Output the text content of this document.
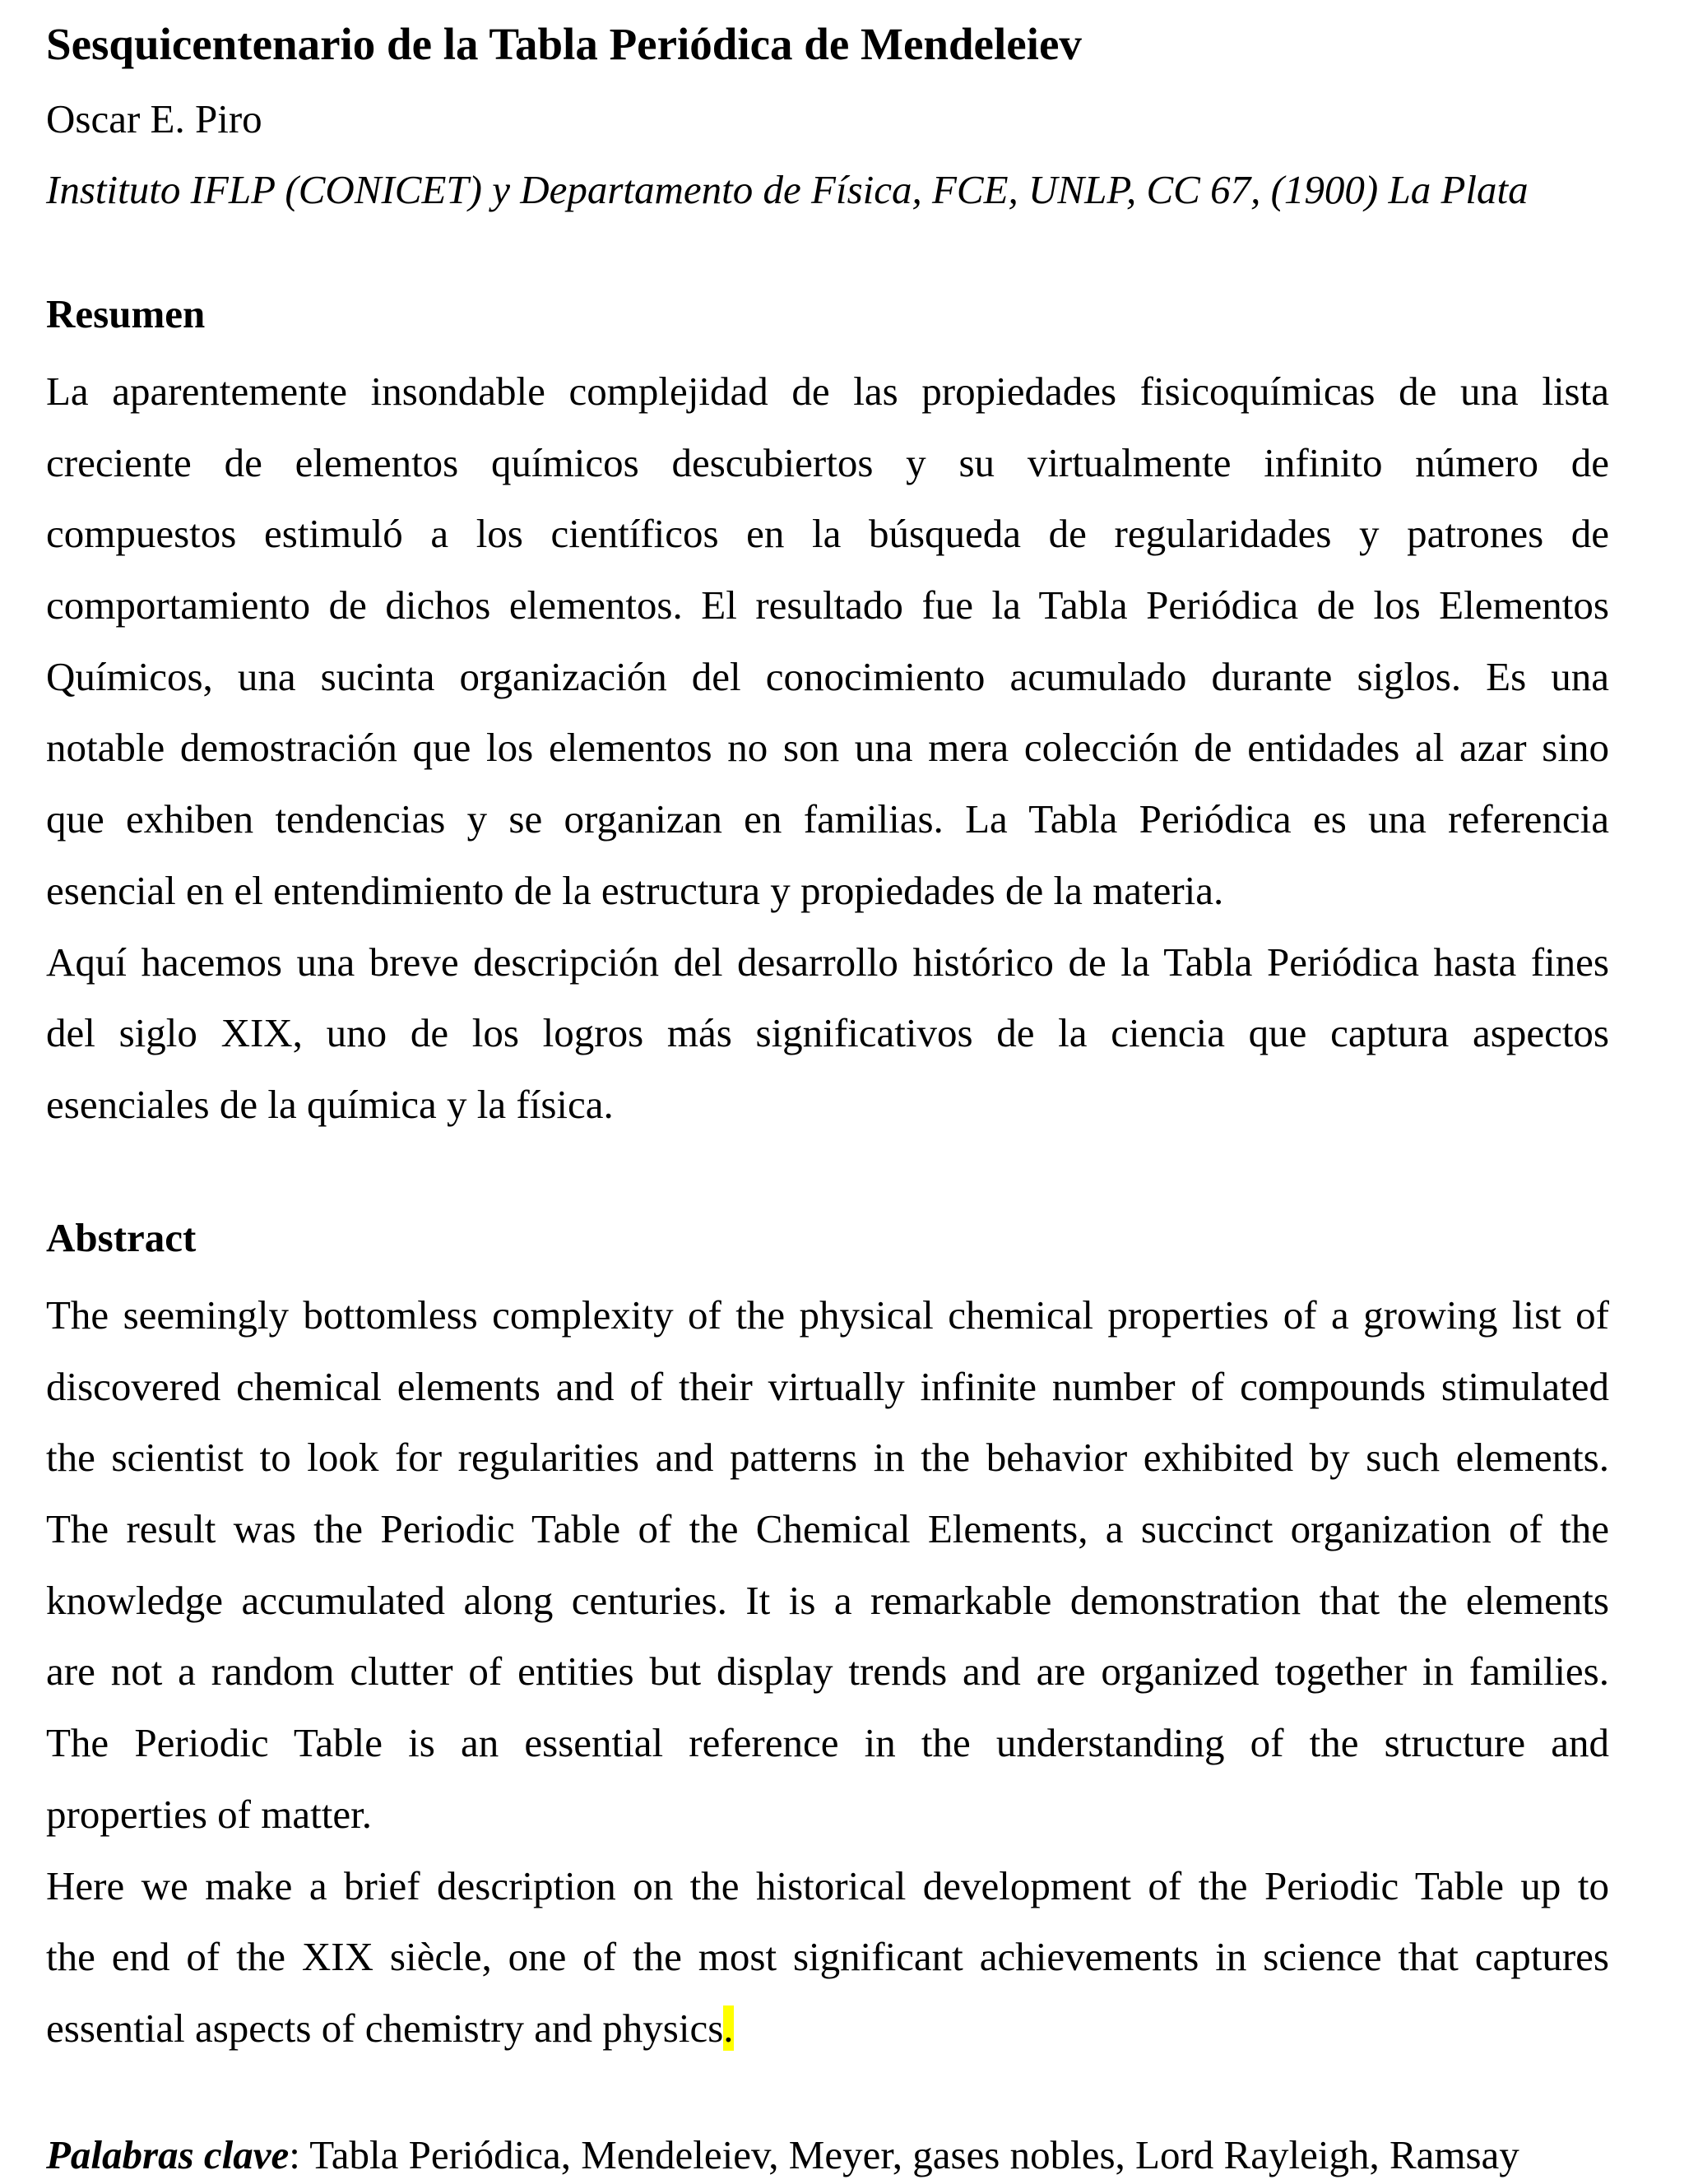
Sesquicentenario de la Tabla Periódica de Mendeleiev
Oscar E. Piro
Instituto IFLP (CONICET) y Departamento de Física, FCE, UNLP, CC 67, (1900) La Plata
Resumen
La aparentemente insondable complejidad de las propiedades fisicoquímicas de una lista
creciente de elementos químicos descubiertos y su virtualmente infinito número de
compuestos estimuló a los científicos en la búsqueda de regularidades y patrones de
comportamiento de dichos elementos. El resultado fue la Tabla Periódica de los Elementos
Químicos, una sucinta organización del conocimiento acumulado durante siglos. Es una
notable demostración que los elementos no son una mera colección de entidades al azar sino
que exhiben tendencias y se organizan en familias. La Tabla Periódica es una referencia
esencial en el entendimiento de la estructura y propiedades de la materia.
Aquí hacemos una breve descripción del desarrollo histórico de la Tabla Periódica hasta fines
del siglo XIX, uno de los logros más significativos de la ciencia que captura aspectos
esenciales de la química y la física.
Abstract
The seemingly bottomless complexity of the physical chemical properties of a growing list of
discovered chemical elements and of their virtually infinite number of compounds stimulated
the scientist to look for regularities and patterns in the behavior exhibited by such elements.
The result was the Periodic Table of the Chemical Elements, a succinct organization of the
knowledge accumulated along centuries. It is a remarkable demonstration that the elements
are not a random clutter of entities but display trends and are organized together in families.
The Periodic Table is an essential reference in the understanding of the structure and
properties of matter.
Here we make a brief description on the historical development of the Periodic Table up to
the end of the XIX siècle, one of the most significant achievements in science that captures
essential aspects of chemistry and physics.
Palabras clave: Tabla Periódica, Mendeleiev, Meyer, gases nobles, Lord Rayleigh, Ramsay
